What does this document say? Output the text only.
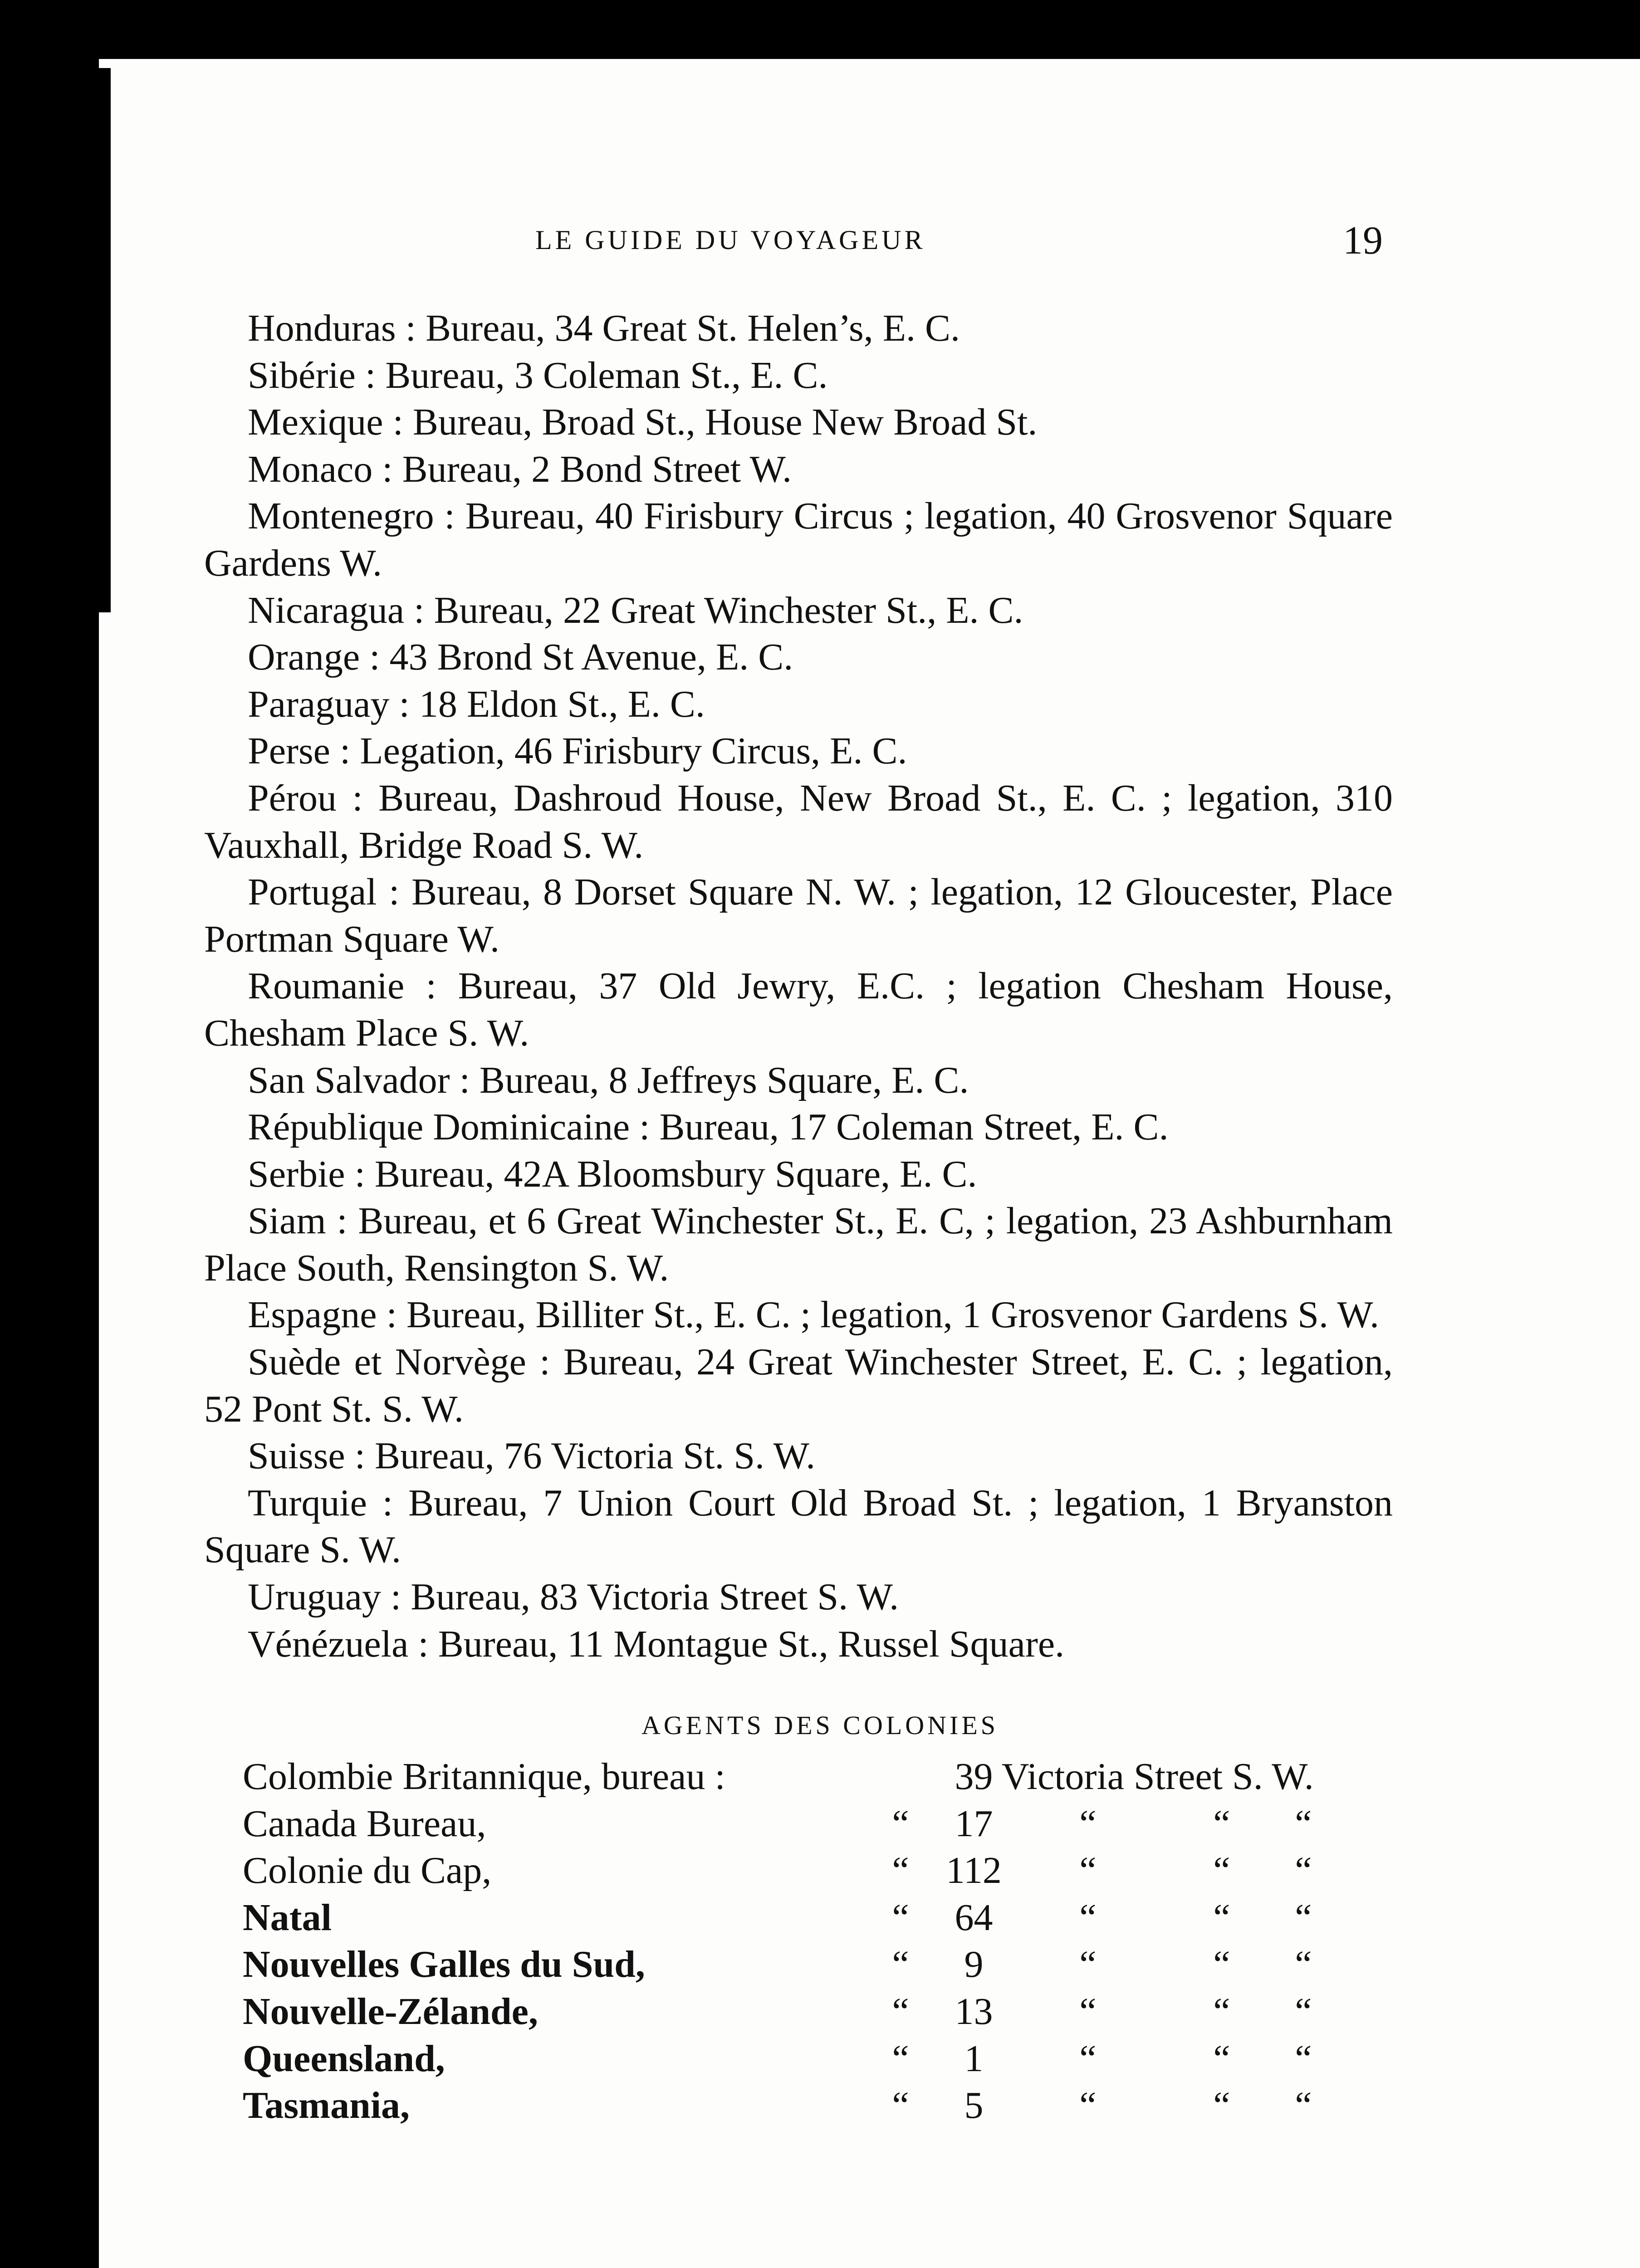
LE GUIDE DU VOYAGEUR	19

Honduras : Bureau, 34 Great St. Helen’s, E. C.

Sibérie : Bureau, 3 Coleman St., E. C.

Mexique : Bureau, Broad St., House New Broad St.

Monaco : Bureau, 2 Bond Street W.

Montenegro : Bureau, 40 Firisbury Circus ; legation, 40 Grosvenor Square Gardens W.

Nicaragua : Bureau, 22 Great Winchester St., E. C.

Orange : 43 Brond St Avenue, E. C.

Paraguay : 18 Eldon St., E. C.

Perse : Legation, 46 Firisbury Circus, E. C.

Pérou : Bureau, Dashroud House, New Broad St., E. C. ; legation, 310 Vauxhall, Bridge Road S. W.

Portugal : Bureau, 8 Dorset Square N. W. ; legation, 12 Gloucester, Place Portman Square W.

Roumanie : Bureau, 37 Old Jewry, E.C. ; legation Chesham House, Chesham Place S. W.

San Salvador : Bureau, 8 Jeffreys Square, E. C.

République Dominicaine : Bureau, 17 Coleman Street, E. C.

Serbie : Bureau, 42A Bloomsbury Square, E. C.

Siam : Bureau, et 6 Great Winchester St., E. C, ; legation, 23 Ashburnham Place South, Rensington S. W.

Espagne : Bureau, Billiter St., E. C. ; legation, 1 Grosvenor Gardens S. W.

Suède et Norvège : Bureau, 24 Great Winchester Street, E. C. ; legation, 52 Pont St. S. W.

Suisse : Bureau, 76 Victoria St. S. W.

Turquie : Bureau, 7 Union Court Old Broad St. ; legation, 1 Bryanston Square S. W.

Uruguay : Bureau, 83 Victoria Street S. W.

Vénézuela : Bureau, 11 Montague St., Russel Square.

AGENTS DES COLONIES
Colombie Britannique, bureau :		39	Victoria Street S. W.		
Canada Bureau,	“	17	“	“	“
Colonie du Cap,	“	112	“	“	“
Natal	“	64	“	“	“
Nouvelles Galles du Sud,	“	9	“	“	“
Nouvelle-Zélande,	“	13	“	“	“
Queensland,	“	1	“	“	“
Tasmania,	“	5	“	“	“
